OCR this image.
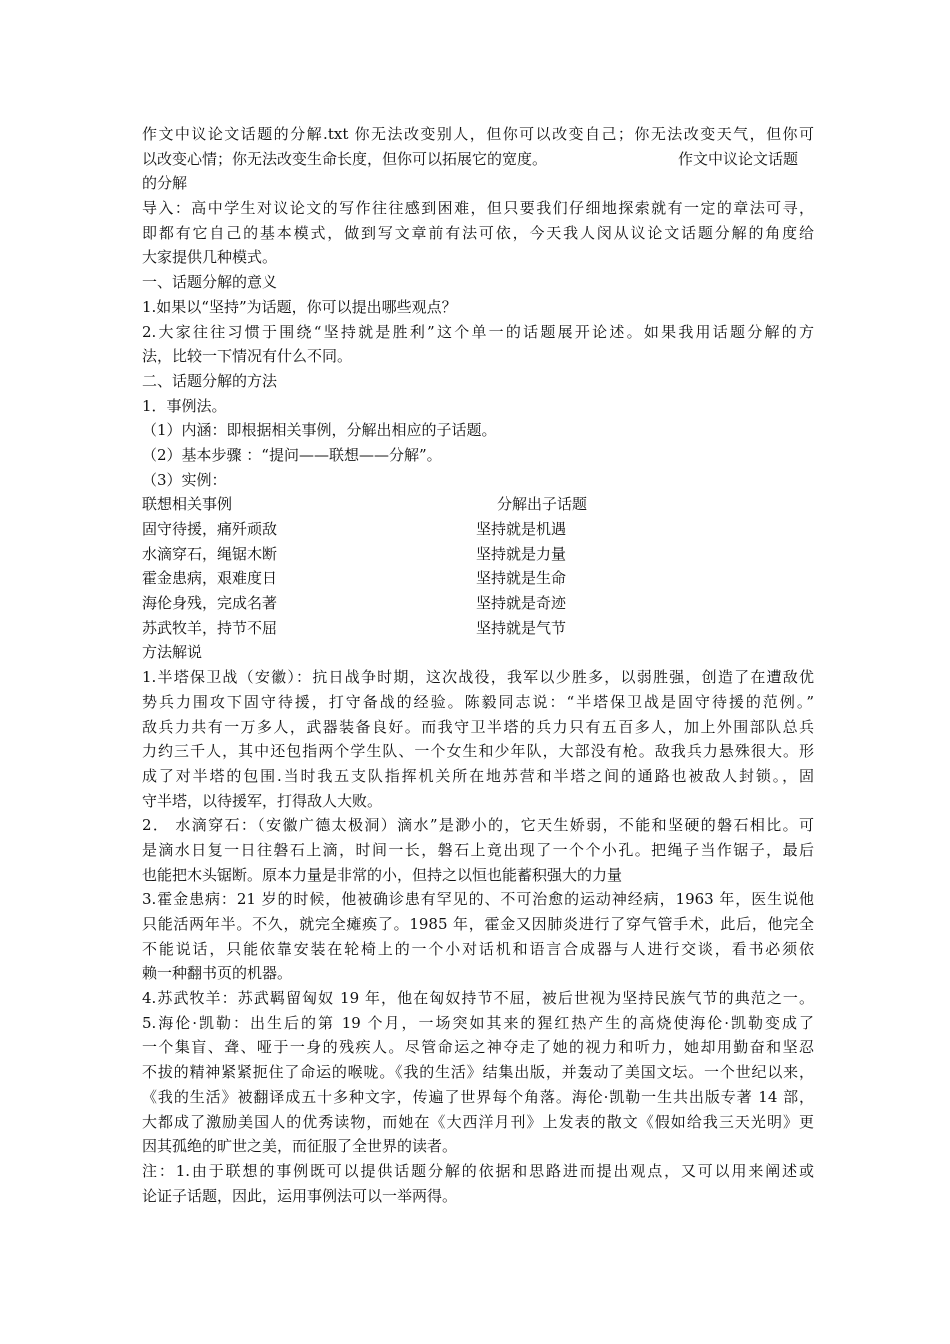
作文中议论文话题的分解.txt 你无法改变别人，但你可以改变自己；你无法改变天气，但你可
以改变心情；你无法改变生命长度，但你可以拓展它的宽度。	作文中议论文话题
的分解
导入：高中学生对议论文的写作往往感到困难，但只要我们仔细地探索就有一定的章法可寻，
即都有它自己的基本模式，做到写文章前有法可依，今天我人闵从议论文话题分解的角度给
大家提供几种模式。
一、话题分解的意义
1.如果以“坚持”为话题，你可以提出哪些观点？
2.大家往往习惯于围绕“坚持就是胜利”这个单一的话题展开论述。如果我用话题分解的方
法，比较一下情况有什么不同。
二、话题分解的方法
1．事例法。
（1）内涵：即根据相关事例，分解出相应的子话题。
（2）基本步骤 ：“提问——联想——分解”。
（3）实例：
联想相关事例	分解出子话题
固守待援，痛歼顽敌	坚持就是机遇
水滴穿石，绳锯木断	坚持就是力量
霍金患病，艰难度日	坚持就是生命
海伦身残，完成名著	坚持就是奇迹
苏武牧羊，持节不屈	坚持就是气节
方法解说
1.半塔保卫战（安徽）：抗日战争时期，这次战役，我军以少胜多，以弱胜强，创造了在遭敌优
势兵力围攻下固守待援，打守备战的经验。陈毅同志说：“半塔保卫战是固守待援的范例。”
敌兵力共有一万多人，武器装备良好。而我守卫半塔的兵力只有五百多人，加上外围部队总兵
力约三千人，其中还包指两个学生队、一个女生和少年队，大部没有枪。敌我兵力悬殊很大。形
成了对半塔的包围.当时我五支队指挥机关所在地苏营和半塔之间的通路也被敌人封锁。，固
守半塔，以待援军，打得敌人大败。
2． 水滴穿石：（安徽广德太极洞）滴水”是渺小的，它天生娇弱，不能和坚硬的磐石相比。可
是滴水日复一日往磐石上滴，时间一长，磐石上竟出现了一个个小孔。把绳子当作锯子，最后
也能把木头锯断。原本力量是非常的小，但持之以恒也能蓄积强大的力量
3.霍金患病：21 岁的时候，他被确诊患有罕见的、不可治愈的运动神经病，1963 年，医生说他
只能活两年半。不久，就完全瘫痪了。1985 年，霍金又因肺炎进行了穿气管手术，此后，他完全
不能说话，只能依靠安装在轮椅上的一个小对话机和语言合成器与人进行交谈，看书必须依
赖一种翻书页的机器。
4.苏武牧羊：苏武羁留匈奴 19 年，他在匈奴持节不屈，被后世视为坚持民族气节的典范之一。
5.海伦·凯勒：出生后的第 19 个月，一场突如其来的猩红热产生的高烧使海伦·凯勒变成了
一个集盲、聋、哑于一身的残疾人。尽管命运之神夺走了她的视力和听力，她却用勤奋和坚忍
不拔的精神紧紧扼住了命运的喉咙。《我的生活》结集出版，并轰动了美国文坛。一个世纪以来，
《我的生活》被翻译成五十多种文字，传遍了世界每个角落。海伦·凯勒一生共出版专著 14 部，
大都成了激励美国人的优秀读物，而她在《大西洋月刊》上发表的散文《假如给我三天光明》更
因其孤绝的旷世之美，而征服了全世界的读者。
注：1.由于联想的事例既可以提供话题分解的依据和思路进而提出观点，又可以用来阐述或
论证子话题，因此，运用事例法可以一举两得。
